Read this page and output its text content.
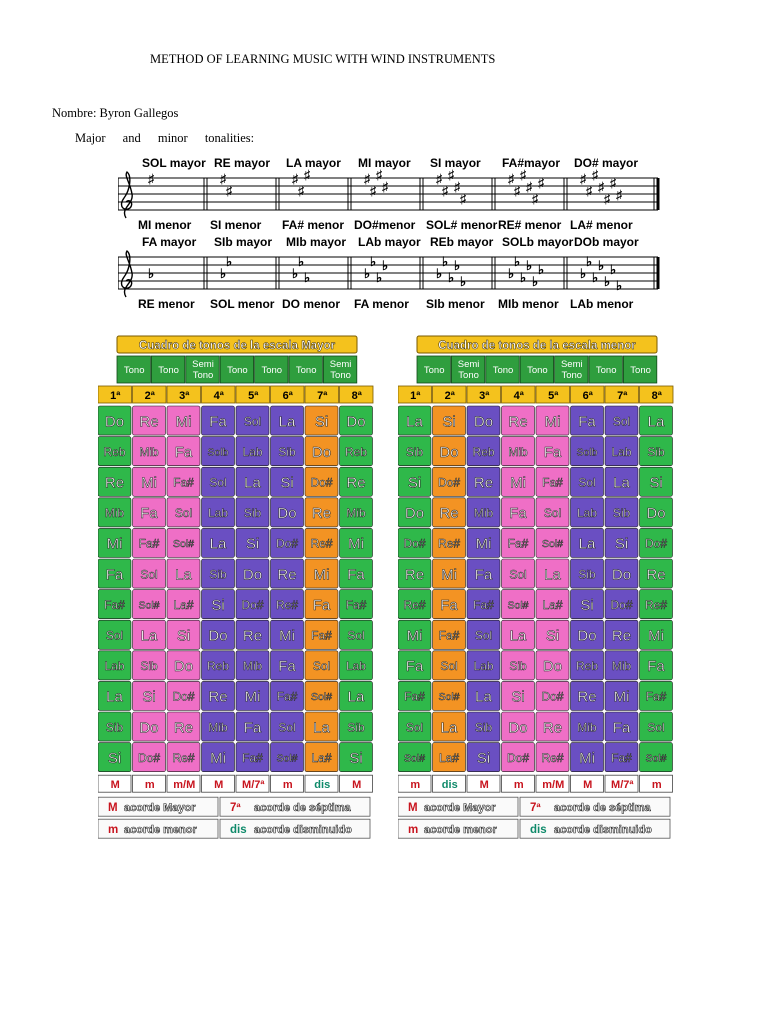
METHOD OF LEARNING MUSIC WITH WIND INSTRUMENTS
Nombre: Byron Gallegos
Major and minor tonalities:
SOL mayor
MI menor
♯
RE mayor
SI menor
♯
♯
LA mayor
FA# menor
♯
♯
♯
MI mayor
DO#menor
♯
♯
♯
♯
SI mayor
SOL# menor
♯
♯
♯
♯
♯
FA#mayor
RE# menor
♯
♯
♯
♯
♯
♯
DO# mayor
LA# menor
♯
♯
♯
♯
♯
♯
♯
FA mayor
RE menor
♭
SIb mayor
SOL menor
♭
♭
MIb mayor
DO menor
♭
♭
♭
LAb mayor
FA menor
♭
♭
♭
♭
REb mayor
SIb menor
♭
♭
♭
♭
♭
SOLb mayor
MIb menor
♭
♭
♭
♭
♭
♭
DOb mayor
LAb menor
♭
♭
♭
♭
♭
♭
♭
Cuadro de tonos de la escala Mayor
Tono Tono
Semi
Tono Tono Tono Tono
Semi
Tono
1ª 2ª 3ª 4ª 5ª 6ª 7ª 8ª
Do Re Mi Fa Sol La Si Do
Reb Mib Fa Solb Lab Sib Do Reb
Re Mi Fa# Sol La Si Do# Re
Mib Fa Sol Lab Sib Do Re Mib
Mi Fa# Sol# La Si Do# Re# Mi
Fa Sol La Sib Do Re Mi Fa
Fa# Sol# La# Si Do# Re# Fa Fa#
Sol La Si Do Re Mi Fa# Sol
Lab Sib Do Reb Mib Fa Sol Lab
La Si Do# Re Mi Fa# Sol# La
Sib Do Re Mib Fa Sol La Sib
Si Do# Re# Mi Fa# Sol# La# Si
M m m/M M M/7ª m dis M
M acorde Mayor	7ª acorde de séptima
m acorde menor	dis acorde disminuido
Cuadro de tonos de la escala menor
Tono
Semi
Tono Tono Tono
Semi
Tono Tono Tono
1ª 2ª 3ª 4ª 5ª 6ª 7ª 8ª
La Si Do Re Mi Fa Sol La
Sib Do Reb Mib Fa Solb Lab Sib
Si Do# Re Mi Fa# Sol La Si
Do Re Mib Fa Sol Lab Sib Do
Do# Re# Mi Fa# Sol# La Si Do#
Re Mi Fa Sol La Sib Do Re
Re# Fa Fa# Sol# La# Si Do# Re#
Mi Fa# Sol La Si Do Re Mi
Fa Sol Lab Sib Do Reb Mib Fa
Fa# Sol# La Si Do# Re Mi Fa#
Sol La Sib Do Re Mib Fa Sol
Sol# La# Si Do# Re# Mi Fa# Sol#
m dis M m m/M M M/7ª m
M acorde Mayor	7ª acorde de séptima
m acorde menor	dis acorde disminuido
